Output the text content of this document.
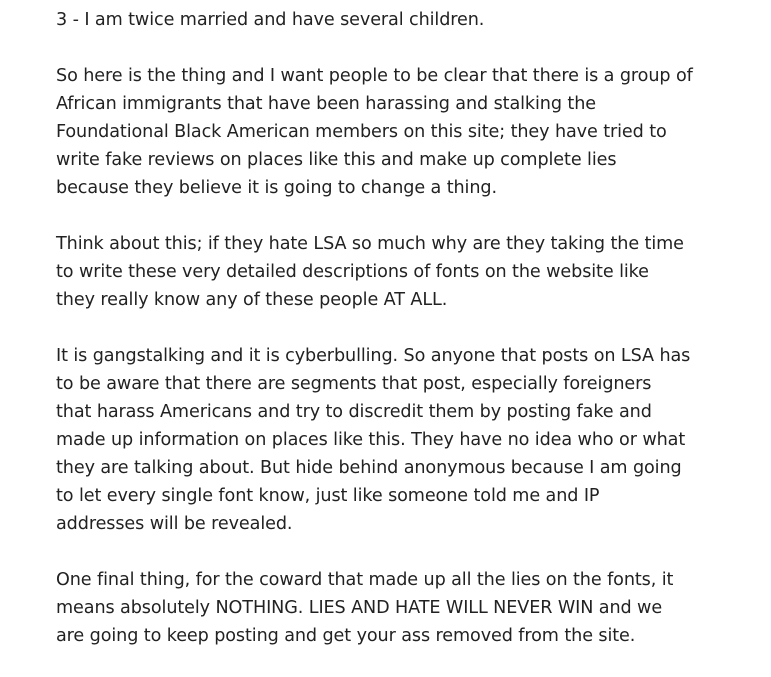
3 - I am twice married and have several children.
So here is the thing and I want people to be clear that there is a group of
African immigrants that have been harassing and stalking the
Foundational Black American members on this site; they have tried to
write fake reviews on places like this and make up complete lies
because they believe it is going to change a thing.
Think about this; if they hate LSA so much why are they taking the time
to write these very detailed descriptions of fonts on the website like
they really know any of these people AT ALL.
It is gangstalking and it is cyberbulling. So anyone that posts on LSA has
to be aware that there are segments that post, especially foreigners
that harass Americans and try to discredit them by posting fake and
made up information on places like this. They have no idea who or what
they are talking about. But hide behind anonymous because I am going
to let every single font know, just like someone told me and IP
addresses will be revealed.
One final thing, for the coward that made up all the lies on the fonts, it
means absolutely NOTHING. LIES AND HATE WILL NEVER WIN and we
are going to keep posting and get your ass removed from the site.
